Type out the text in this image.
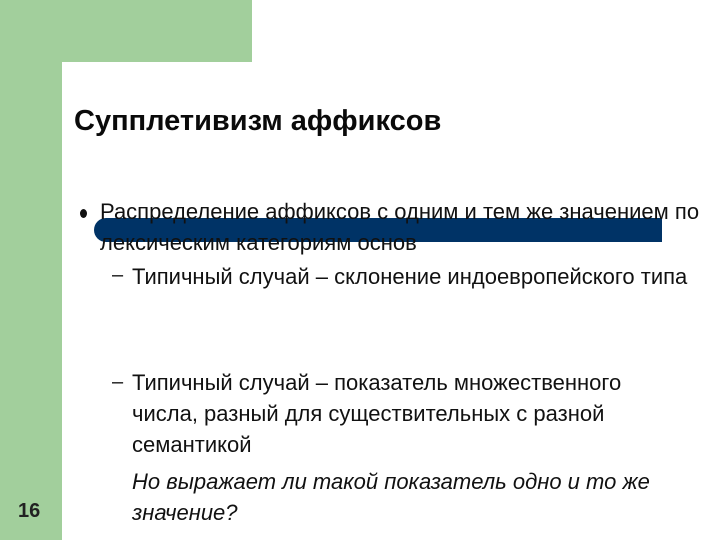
Супплетивизм аффиксов
Распределение аффиксов с одним и тем же значением по лексическим категориям основ
– Типичный случай – склонение индоевропейского типа
– Типичный случай – показатель множественного числа, разный для существительных с разной семантикой
Но выражает ли такой показатель одно и то же значение?
16
